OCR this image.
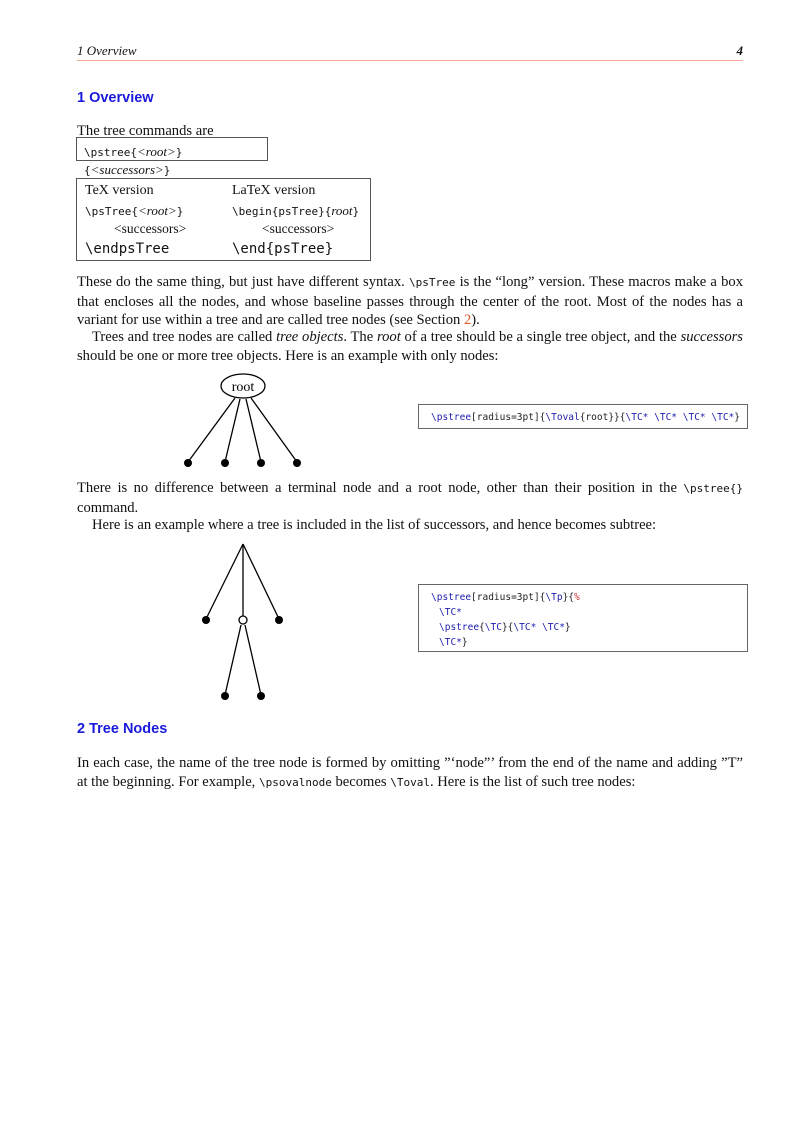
1 Overview	4
1 Overview

The tree commands are

\pstree{<root>}{<successors>}
TeX version
\psTree{<root>}
<successors>
\endpsTree
LaTeX version
\begin{psTree}{root}
<successors>
\end{psTree}

These do the same thing, but just have different syntax. \psTree is the “long” version. These macros make a box that encloses all the nodes, and whose baseline passes through the center of the root. Most of the nodes has a variant for use within a tree and are called tree nodes (see Section 2).

Trees and tree nodes are called tree objects. The root of a tree should be a single tree object, and the successors should be one or more tree objects. Here is an example with only nodes:

root
\pstree[radius=3pt]{\Toval{root}}{\TC* \TC* \TC* \TC*}

There is no difference between a terminal node and a root node, other than their position in the \pstree{} command.

Here is an example where a tree is included in the list of successors, and hence becomes subtree:

\pstree[radius=3pt]{\Tp}{%
\TC*
\pstree{\TC}{\TC* \TC*}
\TC*}
2 Tree Nodes

In each case, the name of the tree node is formed by omitting ”‘node”’ from the end of the name and adding ”T” at the beginning. For example, \psovalnode becomes \Toval. Here is the list of such tree nodes:
